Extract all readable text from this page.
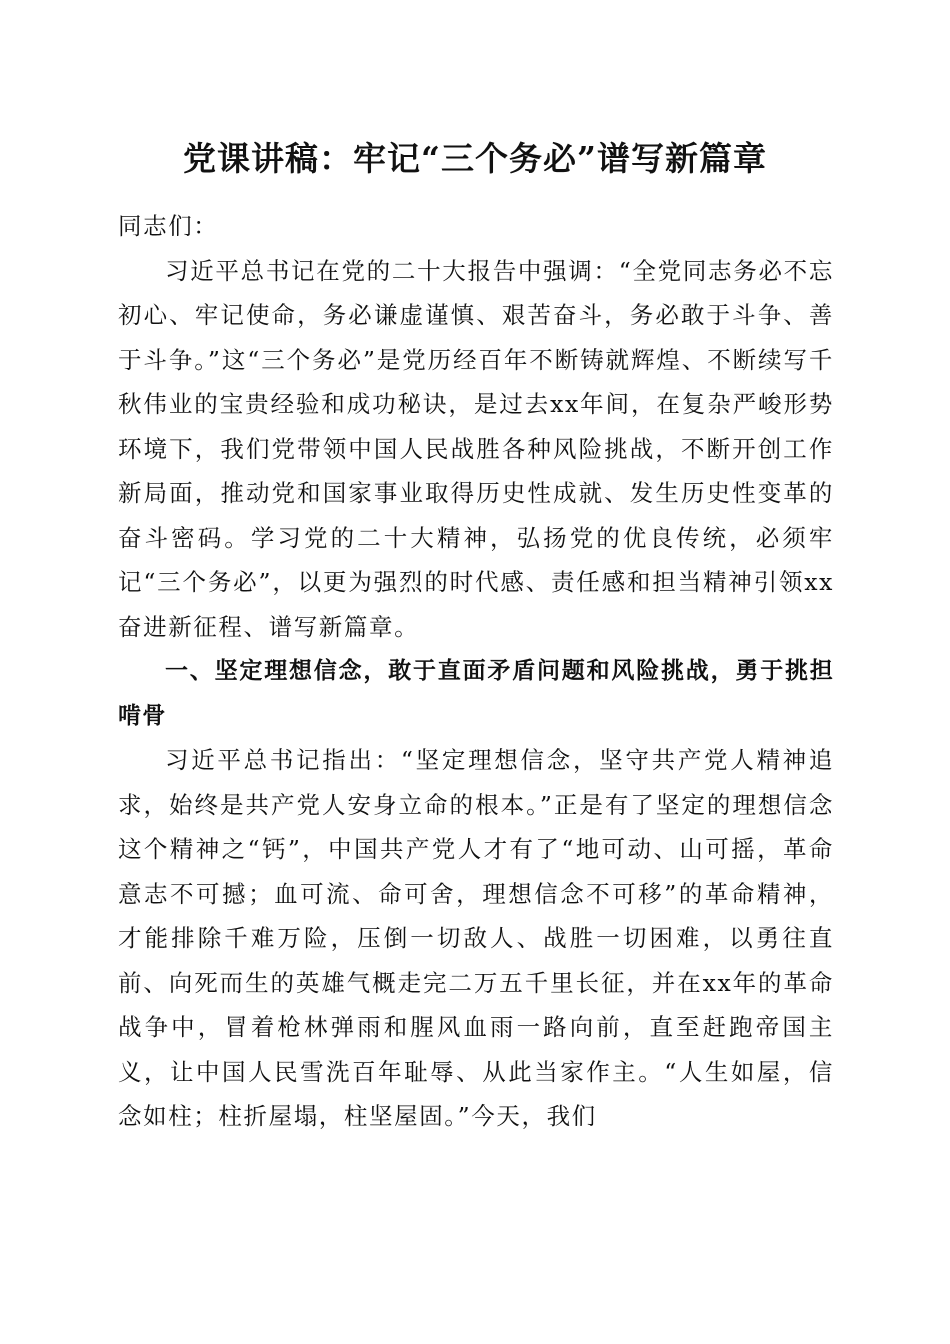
党课讲稿：牢记“三个务必”谱写新篇章

同志们：

习近平总书记在党的二十大报告中强调：“全党同志务必不忘初心、牢记使命，务必谦虚谨慎、艰苦奋斗，务必敢于斗争、善于斗争。”这“三个务必”是党历经百年不断铸就辉煌、不断续写千秋伟业的宝贵经验和成功秘诀，是过去xx年间，在复杂严峻形势环境下，我们党带领中国人民战胜各种风险挑战，不断开创工作新局面，推动党和国家事业取得历史性成就、发生历史性变革的奋斗密码。学习党的二十大精神，弘扬党的优良传统，必须牢记“三个务必”，以更为强烈的时代感、责任感和担当精神引领xx奋进新征程、谱写新篇章。

一、坚定理想信念，敢于直面矛盾问题和风险挑战，勇于挑担啃骨

习近平总书记指出：“坚定理想信念，坚守共产党人精神追求，始终是共产党人安身立命的根本。”正是有了坚定的理想信念这个精神之“钙”，中国共产党人才有了“地可动、山可摇，革命意志不可撼；血可流、命可舍，理想信念不可移”的革命精神，才能排除千难万险，压倒一切敌人、战胜一切困难，以勇往直前、向死而生的英雄气概走完二万五千里长征，并在xx年的革命战争中，冒着枪林弹雨和腥风血雨一路向前，直至赶跑帝国主义，让中国人民雪洗百年耻辱、从此当家作主。“人生如屋，信念如柱；柱折屋塌，柱坚屋固。”今天，我们
